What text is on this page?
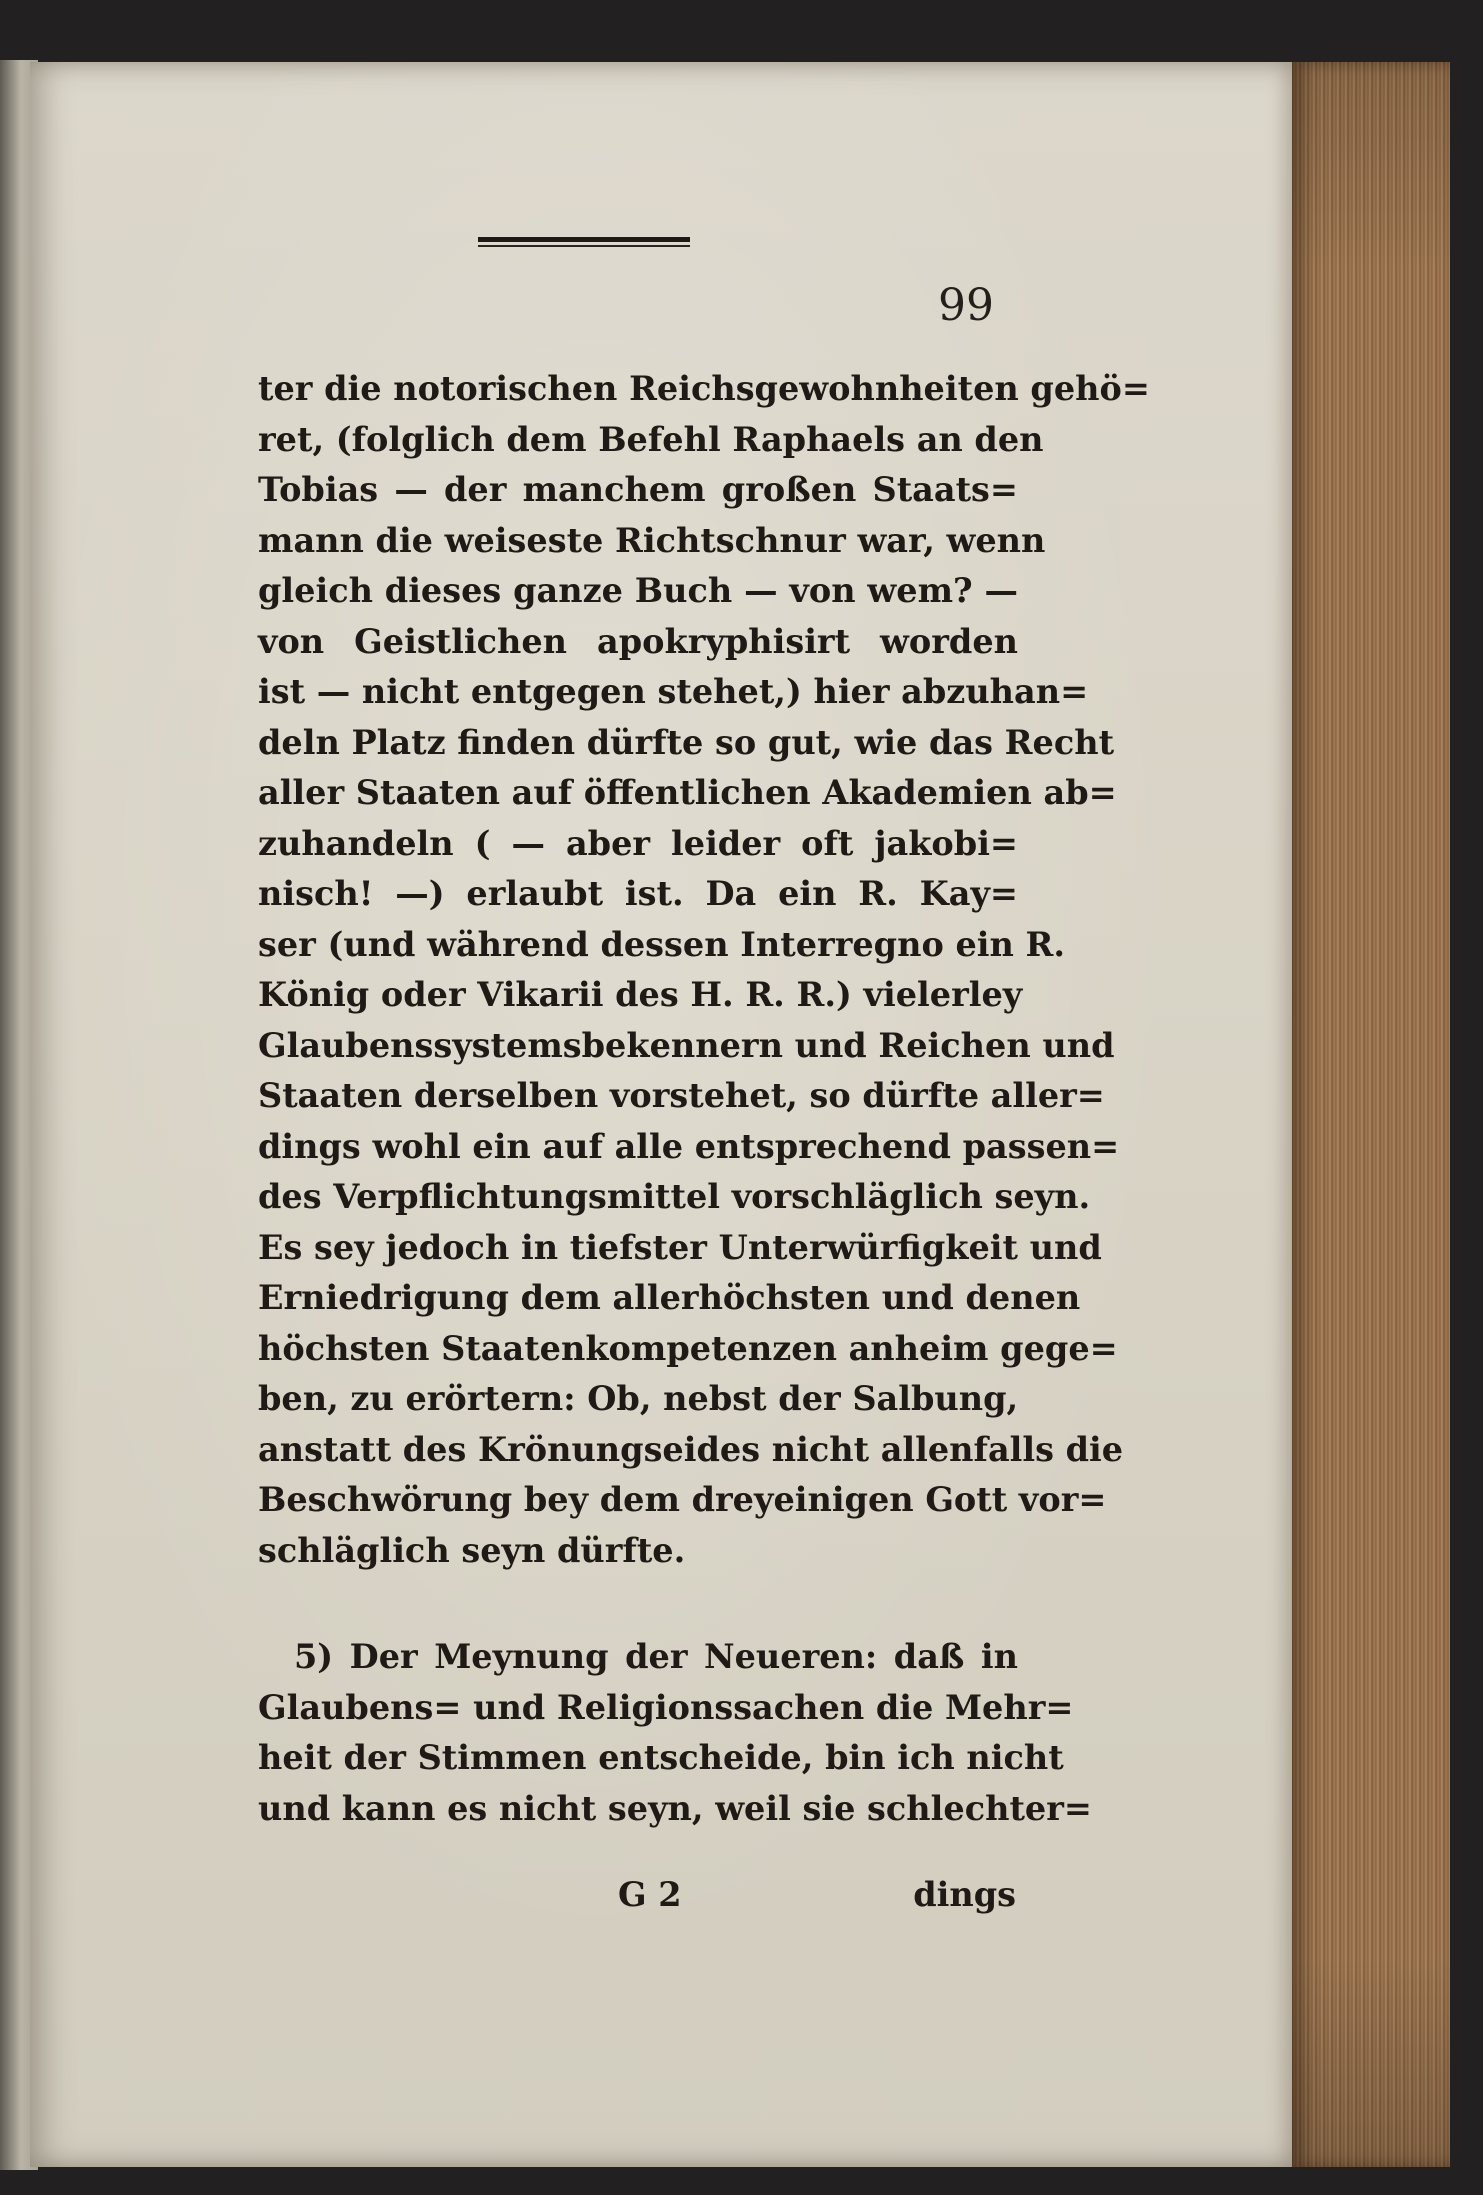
99
ter die notorischen Reichsgewohnheiten gehö=
ret, (folglich dem Befehl Raphaels an den
Tobias — der manchem großen Staats=
mann die weiseste Richtschnur war, wenn
gleich dieses ganze Buch — von wem? —
von Geistlichen apokryphisirt worden
ist — nicht entgegen stehet,) hier abzuhan=
deln Platz finden dürfte so gut, wie das Recht
aller Staaten auf öffentlichen Akademien ab=
zuhandeln ( — aber leider oft jakobi=
nisch! —) erlaubt ist. Da ein R. Kay=
ser (und während dessen Interregno ein R.
König oder Vikarii des H. R. R.) vielerley
Glaubenssystemsbekennern und Reichen und
Staaten derselben vorstehet, so dürfte aller=
dings wohl ein auf alle entsprechend passen=
des Verpflichtungsmittel vorschläglich seyn.
Es sey jedoch in tiefster Unterwürfigkeit und
Erniedrigung dem allerhöchsten und denen
höchsten Staatenkompetenzen anheim gege=
ben, zu erörtern: Ob, nebst der Salbung,
anstatt des Krönungseides nicht allenfalls die
Beschwörung bey dem dreyeinigen Gott vor=
schläglich seyn dürfte.
5) Der Meynung der Neueren: daß in
Glaubens= und Religionssachen die Mehr=
heit der Stimmen entscheide, bin ich nicht
und kann es nicht seyn, weil sie schlechter=
G 2	dings
